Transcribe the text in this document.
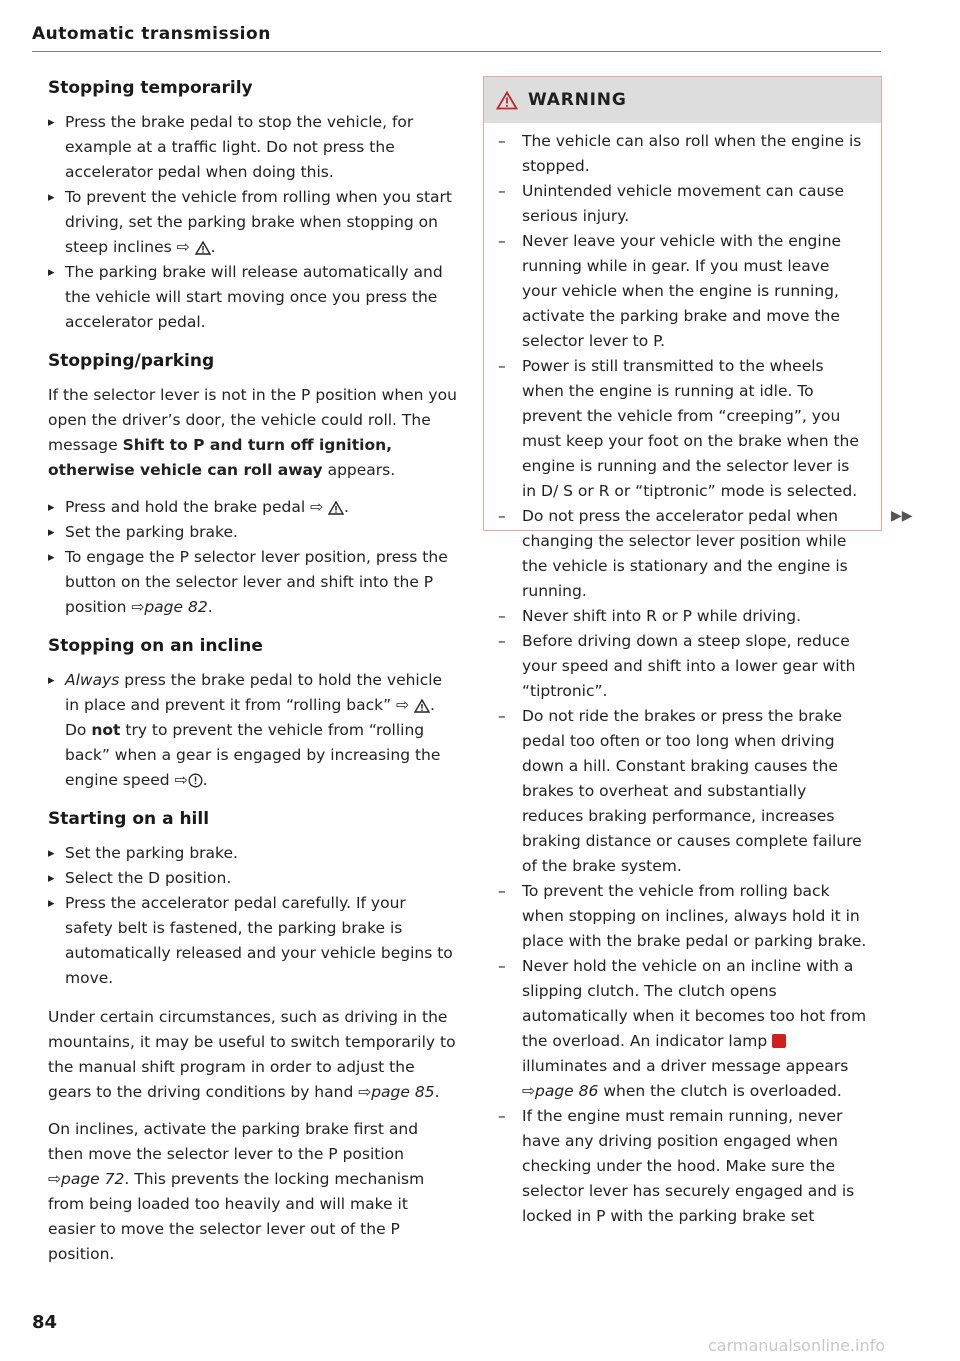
Automatic transmission
Stopping temporarily
▸ Press the brake pedal to stop the vehicle, for example at a traffic light. Do not press the accelerator pedal when doing this.
▸ To prevent the vehicle from rolling when you start driving, set the parking brake when stopping on steep inclines ⇨ .
▸ The parking brake will release automatically and the vehicle will start moving once you press the accelerator pedal.
Stopping/parking

If the selector lever is not in the P position when you open the driver’s door, the vehicle could roll. The message Shift to P and turn off ignition, otherwise vehicle can roll away appears.

▸ Press and hold the brake pedal ⇨ .
▸ Set the parking brake.
▸ To engage the P selector lever position, press the button on the selector lever and shift into the P position ⇨page 82.
Stopping on an incline
▸ Always press the brake pedal to hold the vehicle in place and prevent it from “rolling back” ⇨ . Do not try to prevent the vehicle from “rolling back” when a gear is engaged by increasing the engine speed ⇨ .
Starting on a hill
▸ Set the parking brake.
▸ Select the D position.
▸ Press the accelerator pedal carefully. If your safety belt is fastened, the parking brake is automatically released and your vehicle begins to move.

Under certain circumstances, such as driving in the mountains, it may be useful to switch temporarily to the manual shift program in order to adjust the gears to the driving conditions by hand ⇨page 85.

On inclines, activate the parking brake first and then move the selector lever to the P position ⇨page 72. This prevents the locking mechanism from being loaded too heavily and will make it easier to move the selector lever out of the P position.

WARNING
– The vehicle can also roll when the engine is stopped.
– Unintended vehicle movement can cause serious injury.
– Never leave your vehicle with the engine running while in gear. If you must leave your vehicle when the engine is running, activate the parking brake and move the selector lever to P.
– Power is still transmitted to the wheels when the engine is running at idle. To prevent the vehicle from “creeping”, you must keep your foot on the brake when the engine is running and the selector lever is in D/ S or R or “tiptronic” mode is selected.
– Do not press the accelerator pedal when changing the selector lever position while the vehicle is stationary and the engine is running.
– Never shift into R or P while driving.
– Before driving down a steep slope, reduce your speed and shift into a lower gear with “tiptronic”.
– Do not ride the brakes or press the brake pedal too often or too long when driving down a hill. Constant braking causes the brakes to overheat and substantially reduces braking performance, increases braking distance or causes complete failure of the brake system.
– To prevent the vehicle from rolling back when stopping on inclines, always hold it in place with the brake pedal or parking brake.
– Never hold the vehicle on an incline with a slipping clutch. The clutch opens automatically when it becomes too hot from the overload. An indicator lamp  illuminates and a driver message appears ⇨page 86 when the clutch is overloaded.
– If the engine must remain running, never have any driving position engaged when checking under the hood. Make sure the selector lever has securely engaged and is locked in P with the parking brake set
▶▶
84
carmanualsonline.info
